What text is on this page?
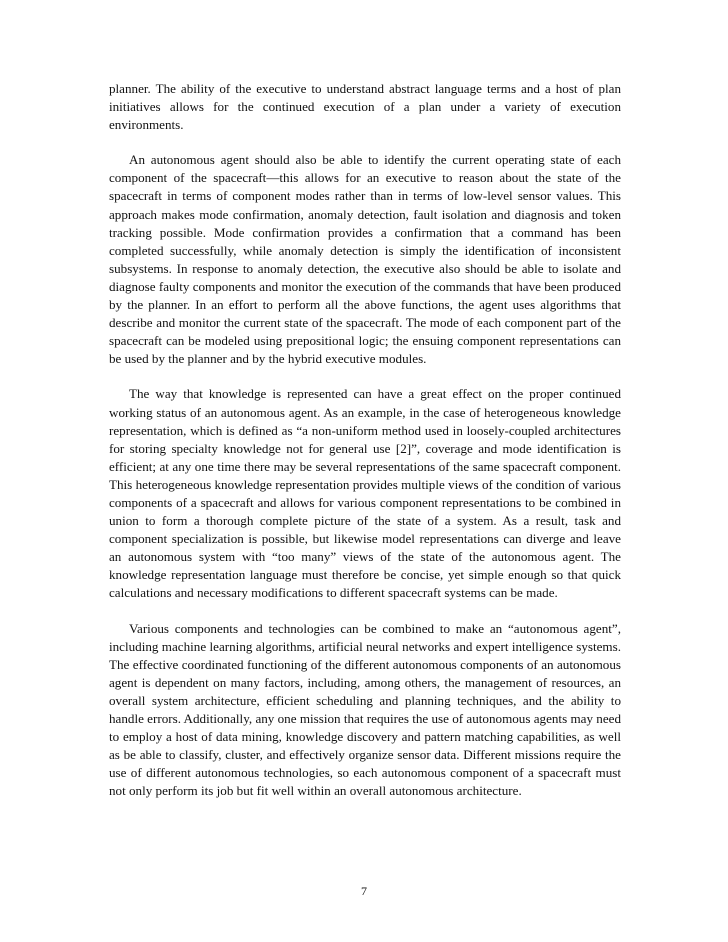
planner. The ability of the executive to understand abstract language terms and a host of plan initiatives allows for the continued execution of a plan under a variety of execution environments.

An autonomous agent should also be able to identify the current operating state of each component of the spacecraft—this allows for an executive to reason about the state of the spacecraft in terms of component modes rather than in terms of low-level sensor values. This approach makes mode confirmation, anomaly detection, fault isolation and diagnosis and token tracking possible. Mode confirmation provides a confirmation that a command has been completed successfully, while anomaly detection is simply the identification of inconsistent subsystems. In response to anomaly detection, the executive also should be able to isolate and diagnose faulty components and monitor the execution of the commands that have been produced by the planner. In an effort to perform all the above functions, the agent uses algorithms that describe and monitor the current state of the spacecraft. The mode of each component part of the spacecraft can be modeled using prepositional logic; the ensuing component representations can be used by the planner and by the hybrid executive modules.

The way that knowledge is represented can have a great effect on the proper continued working status of an autonomous agent. As an example, in the case of heterogeneous knowledge representation, which is defined as “a non-uniform method used in loosely-coupled architectures for storing specialty knowledge not for general use [2]”, coverage and mode identification is efficient; at any one time there may be several representations of the same spacecraft component. This heterogeneous knowledge representation provides multiple views of the condition of various components of a spacecraft and allows for various component representations to be combined in union to form a thorough complete picture of the state of a system. As a result, task and component specialization is possible, but likewise model representations can diverge and leave an autonomous system with “too many” views of the state of the autonomous agent. The knowledge representation language must therefore be concise, yet simple enough so that quick calculations and necessary modifications to different spacecraft systems can be made.

Various components and technologies can be combined to make an “autonomous agent”, including machine learning algorithms, artificial neural networks and expert intelligence systems. The effective coordinated functioning of the different autonomous components of an autonomous agent is dependent on many factors, including, among others, the management of resources, an overall system architecture, efficient scheduling and planning techniques, and the ability to handle errors. Additionally, any one mission that requires the use of autonomous agents may need to employ a host of data mining, knowledge discovery and pattern matching capabilities, as well as be able to classify, cluster, and effectively organize sensor data. Different missions require the use of different autonomous technologies, so each autonomous component of a spacecraft must not only perform its job but fit well within an overall autonomous architecture.

7
